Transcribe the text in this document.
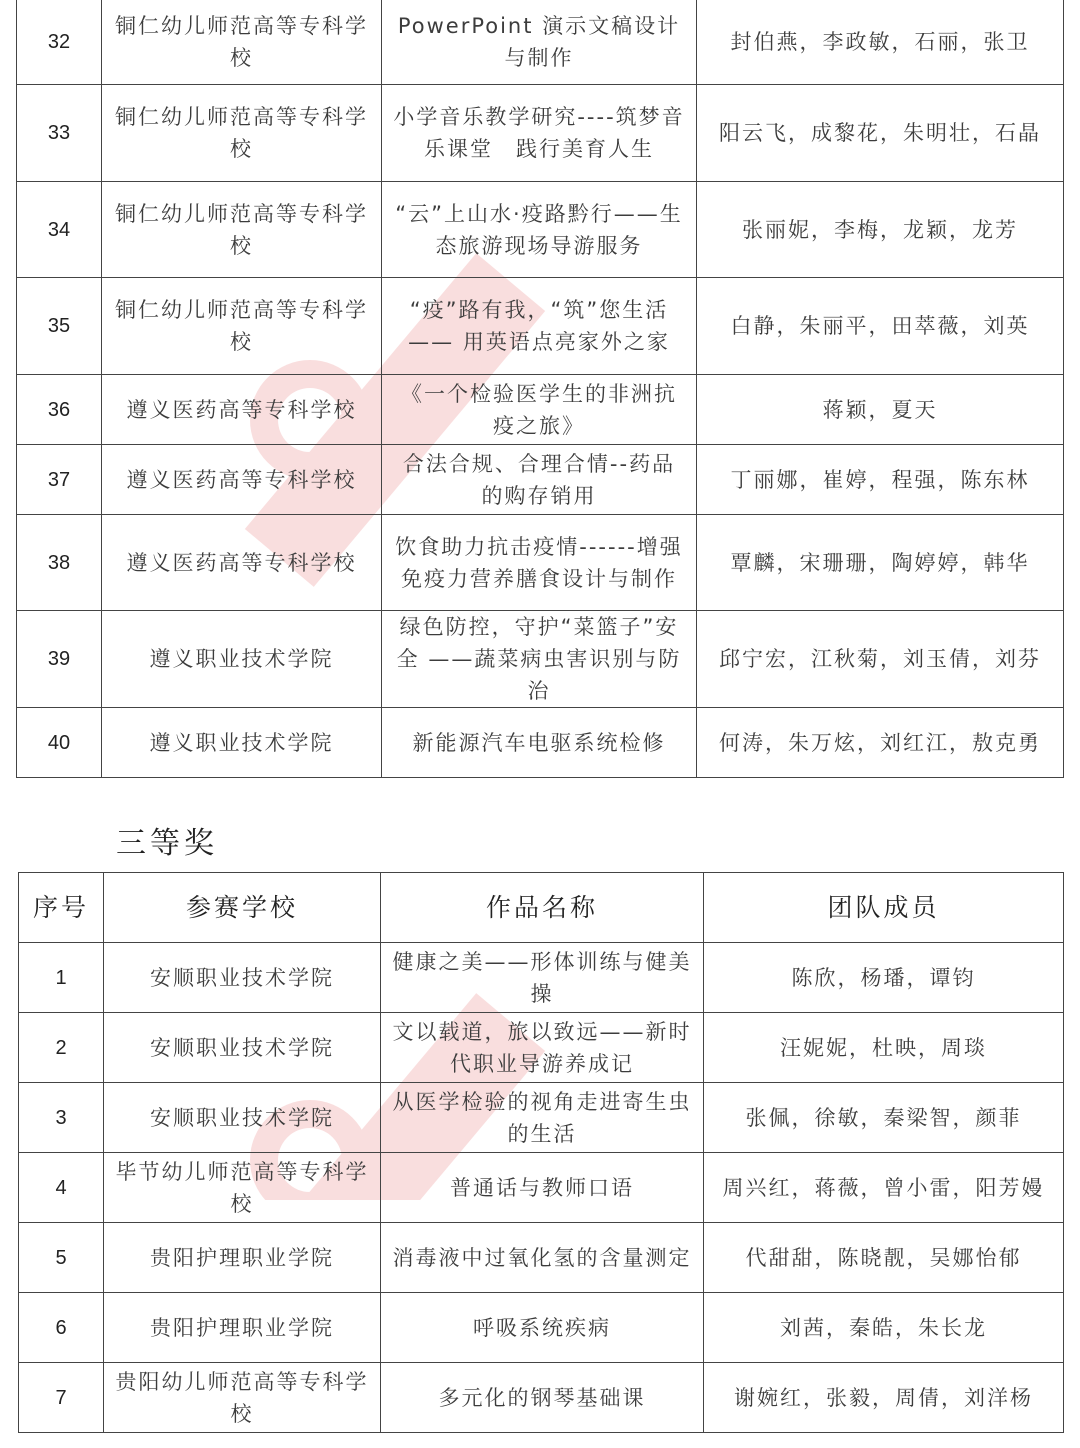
32	铜仁幼儿师范高等专科学校	PowerPoint 演示文稿设计与制作	封伯燕，李政敏，石丽，张卫
33	铜仁幼儿师范高等专科学校	小学音乐教学研究----筑梦音乐课堂　践行美育人生	阳云飞，成黎花，朱明壮，石晶
34	铜仁幼儿师范高等专科学校	“云”上山水·疫路黔行——生态旅游现场导游服务	张丽妮，李梅，龙颖，龙芳
35	铜仁幼儿师范高等专科学校	“疫”路有我，“筑”您生活 —— 用英语点亮家外之家	白静，朱丽平，田萃薇，刘英
36	遵义医药高等专科学校	《一个检验医学生的非洲抗疫之旅》	蒋颖，夏天
37	遵义医药高等专科学校	合法合规、合理合情--药品的购存销用	丁丽娜，崔婷，程强，陈东林
38	遵义医药高等专科学校	饮食助力抗击疫情------增强免疫力营养膳食设计与制作	覃麟，宋珊珊，陶婷婷，韩华
39	遵义职业技术学院	绿色防控，守护“菜篮子”安全 ——蔬菜病虫害识别与防治	邱宁宏，江秋菊，刘玉倩，刘芬
40	遵义职业技术学院	新能源汽车电驱系统检修	何涛，朱万炫，刘红江，敖克勇
三等奖
序号	参赛学校	作品名称	团队成员
1	安顺职业技术学院	健康之美——形体训练与健美操	陈欣，杨璠，谭钧
2	安顺职业技术学院	文以载道，旅以致远——新时代职业导游养成记	汪妮妮，杜映，周琰
3	安顺职业技术学院	从医学检验的视角走进寄生虫的生活	张佩，徐敏，秦梁智，颜菲
4	毕节幼儿师范高等专科学校	普通话与教师口语	周兴红，蒋薇，曾小雷，阳芳嫚
5	贵阳护理职业学院	消毒液中过氧化氢的含量测定	代甜甜，陈晓靓，吴娜怡郁
6	贵阳护理职业学院	呼吸系统疾病	刘茜，秦皓，朱长龙
7	贵阳幼儿师范高等专科学校	多元化的钢琴基础课	谢婉红，张毅，周倩，刘洋杨
